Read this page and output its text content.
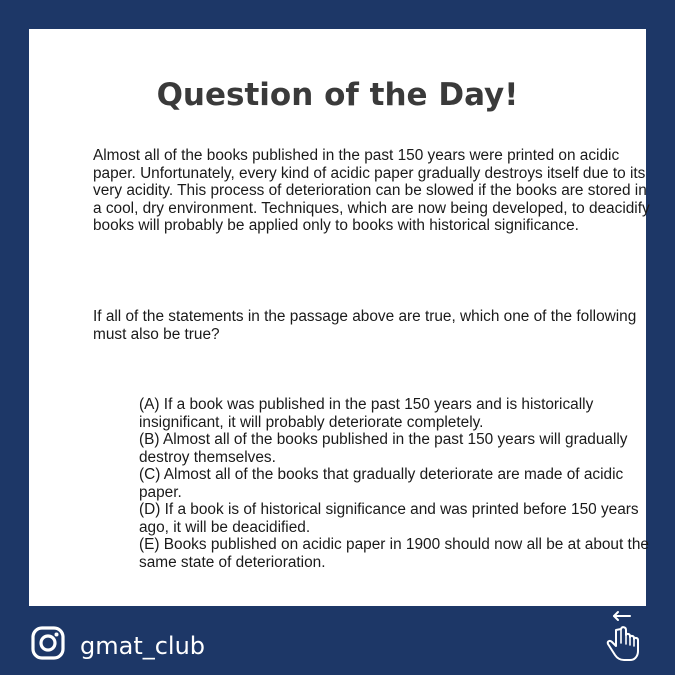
Question of the Day!

Almost all of the books published in the past 150 years were printed on acidic paper. Unfortunately, every kind of acidic paper gradually destroys itself due to its very acidity. This process of deterioration can be slowed if the books are stored in a cool, dry environment. Techniques, which are now being developed, to deacidify books will probably be applied only to books with historical significance.

If all of the statements in the passage above are true, which one of the following must also be true?

(A) If a book was published in the past 150 years and is historically insignificant, it will probably deteriorate completely.
(B) Almost all of the books published in the past 150 years will gradually destroy themselves.
(C) Almost all of the books that gradually deteriorate are made of acidic paper.
(D) If a book is of historical significance and was printed before 150 years ago, it will be deacidified.
(E) Books published on acidic paper in 1900 should now all be at about the same state of deterioration.
gmat_club
